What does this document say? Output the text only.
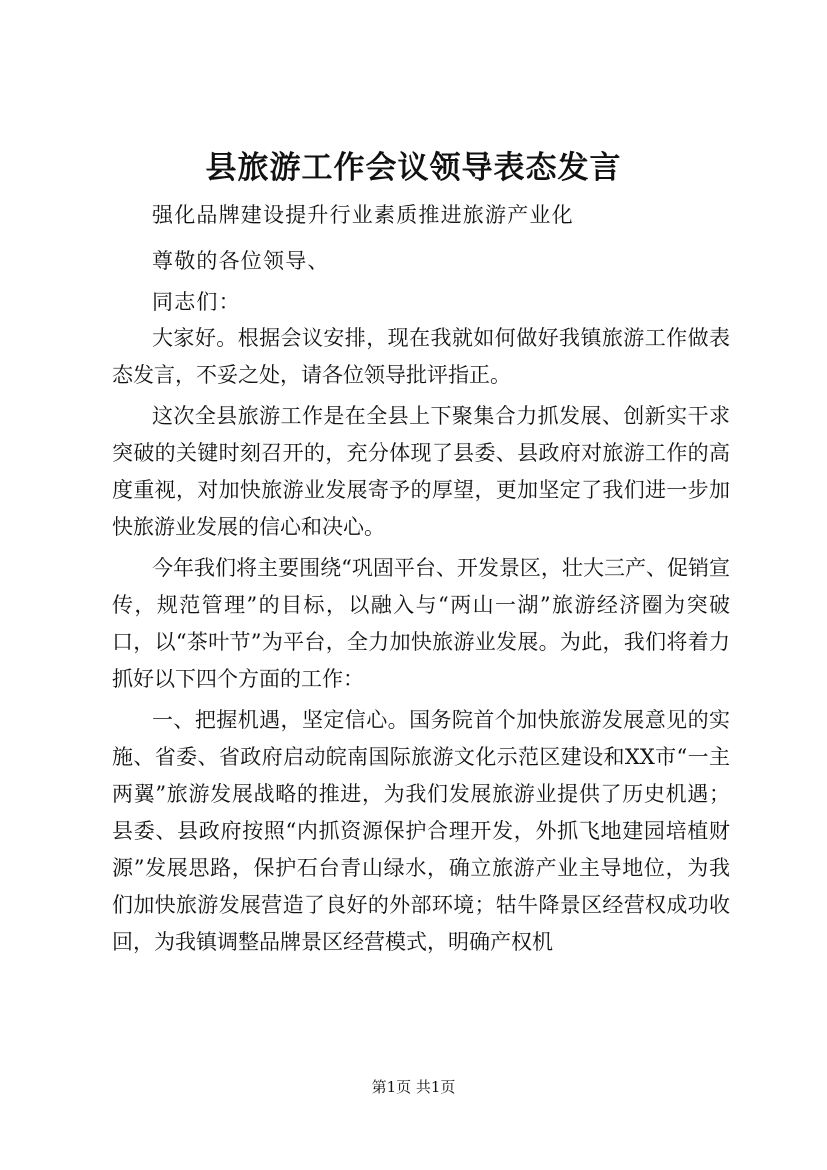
县旅游工作会议领导表态发言
强化品牌建设提升行业素质推进旅游产业化
尊敬的各位领导、
同志们：

大家好。根据会议安排，现在我就如何做好我镇旅游工作做表态发言，不妥之处，请各位领导批评指正。

这次全县旅游工作是在全县上下聚集合力抓发展、创新实干求突破的关键时刻召开的，充分体现了县委、县政府对旅游工作的高度重视，对加快旅游业发展寄予的厚望，更加坚定了我们进一步加快旅游业发展的信心和决心。

今年我们将主要围绕“巩固平台、开发景区，壮大三产、促销宣传，规范管理”的目标，以融入与“两山一湖”旅游经济圈为突破口，以“茶叶节”为平台，全力加快旅游业发展。为此，我们将着力抓好以下四个方面的工作：

一、把握机遇，坚定信心。国务院首个加快旅游发展意见的实施、省委、省政府启动皖南国际旅游文化示范区建设和XX市“一主两翼”旅游发展战略的推进，为我们发展旅游业提供了历史机遇；县委、县政府按照“内抓资源保护合理开发，外抓飞地建园培植财源”发展思路，保护石台青山绿水，确立旅游产业主导地位，为我们加快旅游发展营造了良好的外部环境；牯牛降景区经营权成功收回，为我镇调整品牌景区经营模式，明确产权机

第1页 共1页
